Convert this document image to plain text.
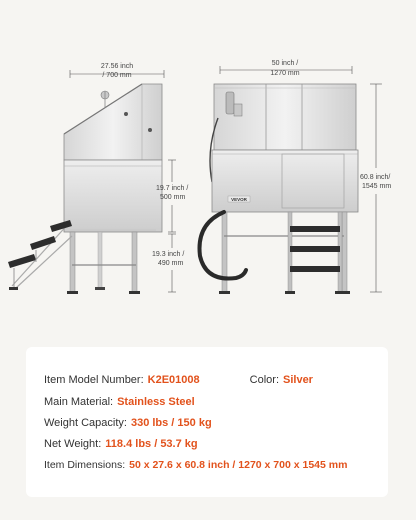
27.56 inch
/ 700 mm
19.7 inch /
500 mm
19.3 inch /
490 mm
50 inch /
1270 mm
VEVOR
60.8 inch/
1545 mm
Item Model Number: K2E01008	Color: Silver
Main Material: Stainless Steel
Weight Capacity: 330 lbs / 150 kg
Net Weight: 118.4 lbs / 53.7 kg
Item Dimensions: 50 x 27.6 x 60.8 inch / 1270 x 700 x 1545 mm
